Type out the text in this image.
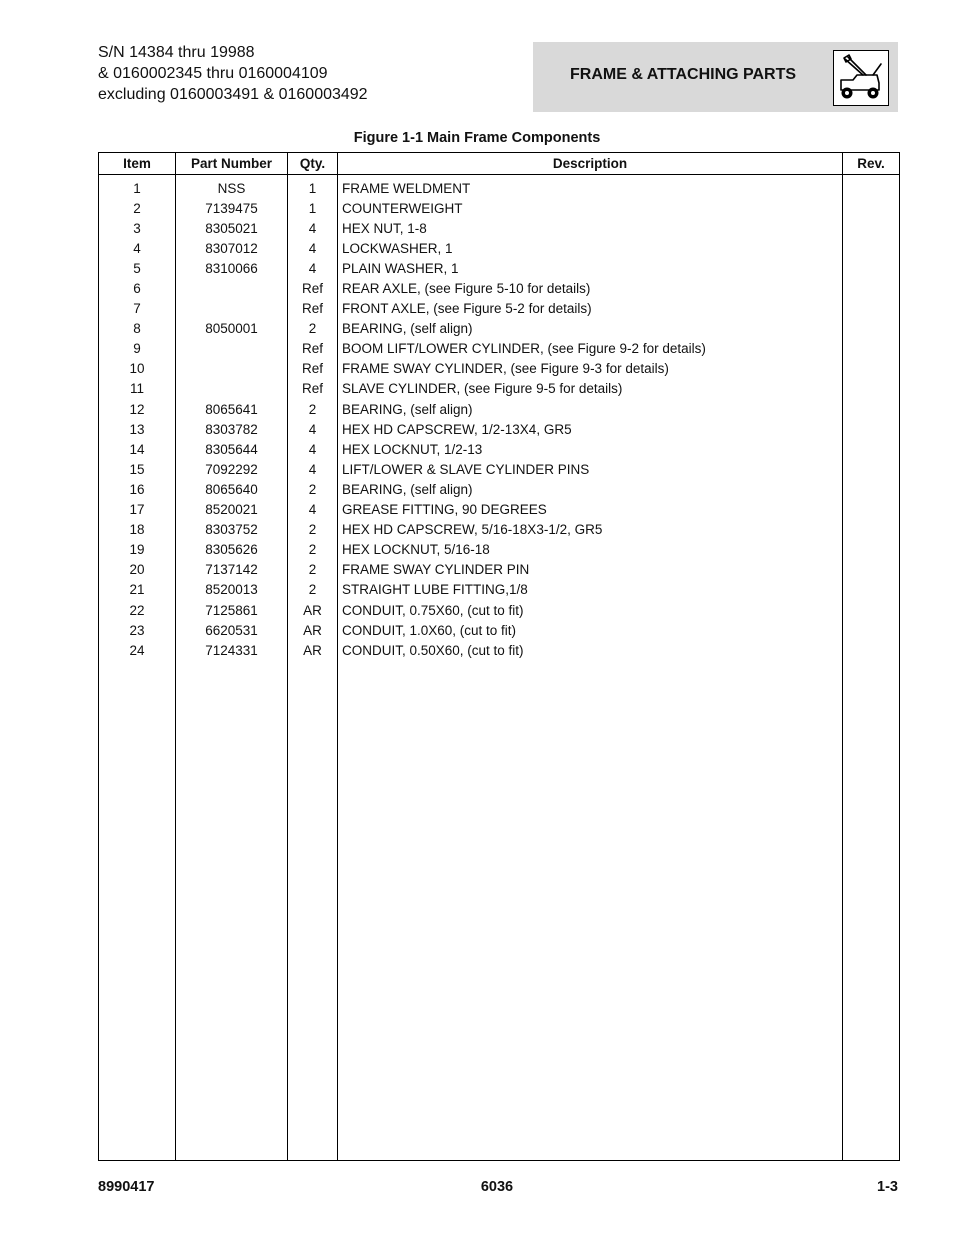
S/N 14384 thru 19988
& 0160002345 thru 0160004109
excluding 0160003491 & 0160003492
FRAME & ATTACHING PARTS
Figure 1-1 Main Frame Components
Item	Part Number	Qty.	Description	Rev.
1	NSS	1	FRAME WELDMENT	
2	7139475	1	COUNTERWEIGHT	
3	8305021	4	HEX NUT, 1-8	
4	8307012	4	LOCKWASHER, 1	
5	8310066	4	PLAIN WASHER, 1	
6		Ref	REAR AXLE, (see Figure 5-10 for details)	
7		Ref	FRONT AXLE, (see Figure 5-2 for details)	
8	8050001	2	BEARING, (self align)	
9		Ref	BOOM LIFT/LOWER CYLINDER, (see Figure 9-2 for details)	
10		Ref	FRAME SWAY CYLINDER, (see Figure 9-3 for details)	
11		Ref	SLAVE CYLINDER, (see Figure 9-5 for details)	
12	8065641	2	BEARING, (self align)	
13	8303782	4	HEX HD CAPSCREW, 1/2-13X4, GR5	
14	8305644	4	HEX LOCKNUT, 1/2-13	
15	7092292	4	LIFT/LOWER & SLAVE CYLINDER PINS	
16	8065640	2	BEARING, (self align)	
17	8520021	4	GREASE FITTING, 90 DEGREES	
18	8303752	2	HEX HD CAPSCREW, 5/16-18X3-1/2, GR5	
19	8305626	2	HEX LOCKNUT, 5/16-18	
20	7137142	2	FRAME SWAY CYLINDER PIN	
21	8520013	2	STRAIGHT LUBE FITTING,1/8	
22	7125861	AR	CONDUIT, 0.75X60, (cut to fit)	
23	6620531	AR	CONDUIT, 1.0X60, (cut to fit)	
24	7124331	AR	CONDUIT, 0.50X60, (cut to fit)	

8990417	6036	1-3
